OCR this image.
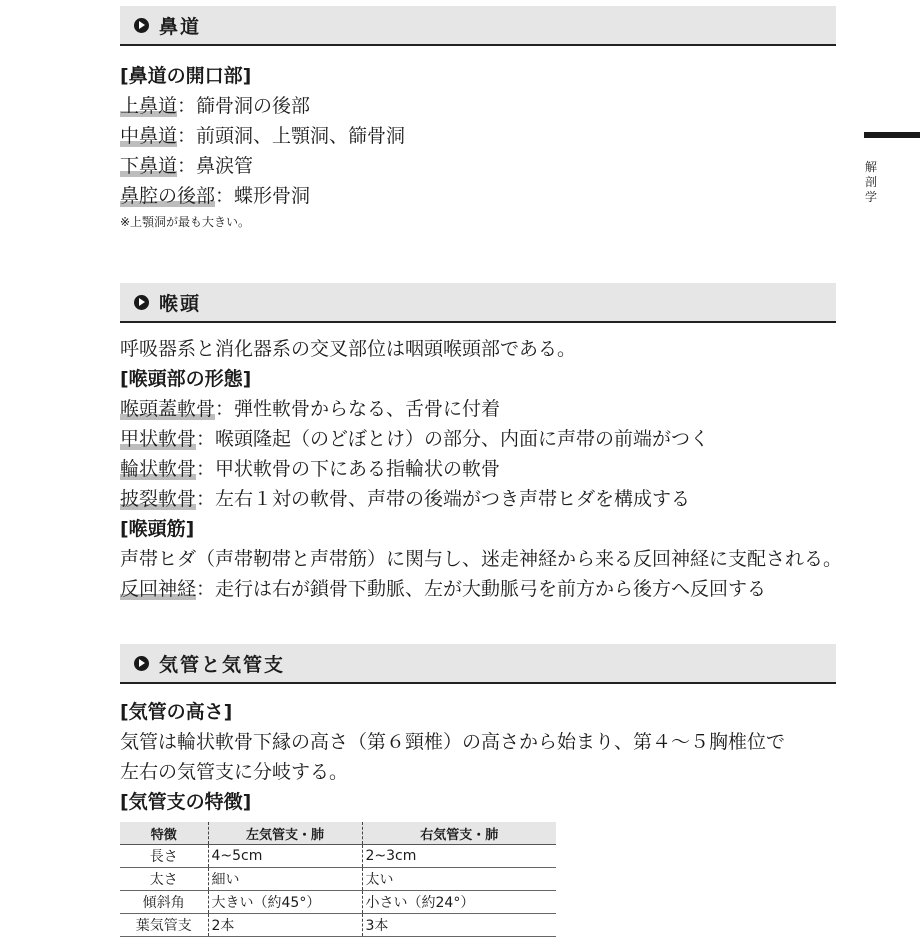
解
剖
学
鼻道
[鼻道の開口部]
上鼻道：篩骨洞の後部
中鼻道：前頭洞、上顎洞、篩骨洞
下鼻道：鼻涙管
鼻腔の後部：蝶形骨洞
※上顎洞が最も大きい。
喉頭
呼吸器系と消化器系の交叉部位は咽頭喉頭部である。
[喉頭部の形態]
喉頭蓋軟骨：弾性軟骨からなる、舌骨に付着
甲状軟骨：喉頭隆起（のどぼとけ）の部分、内面に声帯の前端がつく
輪状軟骨：甲状軟骨の下にある指輪状の軟骨
披裂軟骨：左右１対の軟骨、声帯の後端がつき声帯ヒダを構成する
[喉頭筋]
声帯ヒダ（声帯靭帯と声帯筋）に関与し、迷走神経から来る反回神経に支配される。
反回神経：走行は右が鎖骨下動脈、左が大動脈弓を前方から後方へ反回する
気管と気管支
[気管の高さ]
気管は輪状軟骨下縁の高さ（第６頸椎）の高さから始まり、第４～５胸椎位で
左右の気管支に分岐する。
[気管支の特徴]
特徴	左気管支・肺	右気管支・肺
長さ	4~5cm	2~3cm
太さ	細い	太い
傾斜角	大きい（約45°）	小さい（約24°）
葉気管支	2本	3本
